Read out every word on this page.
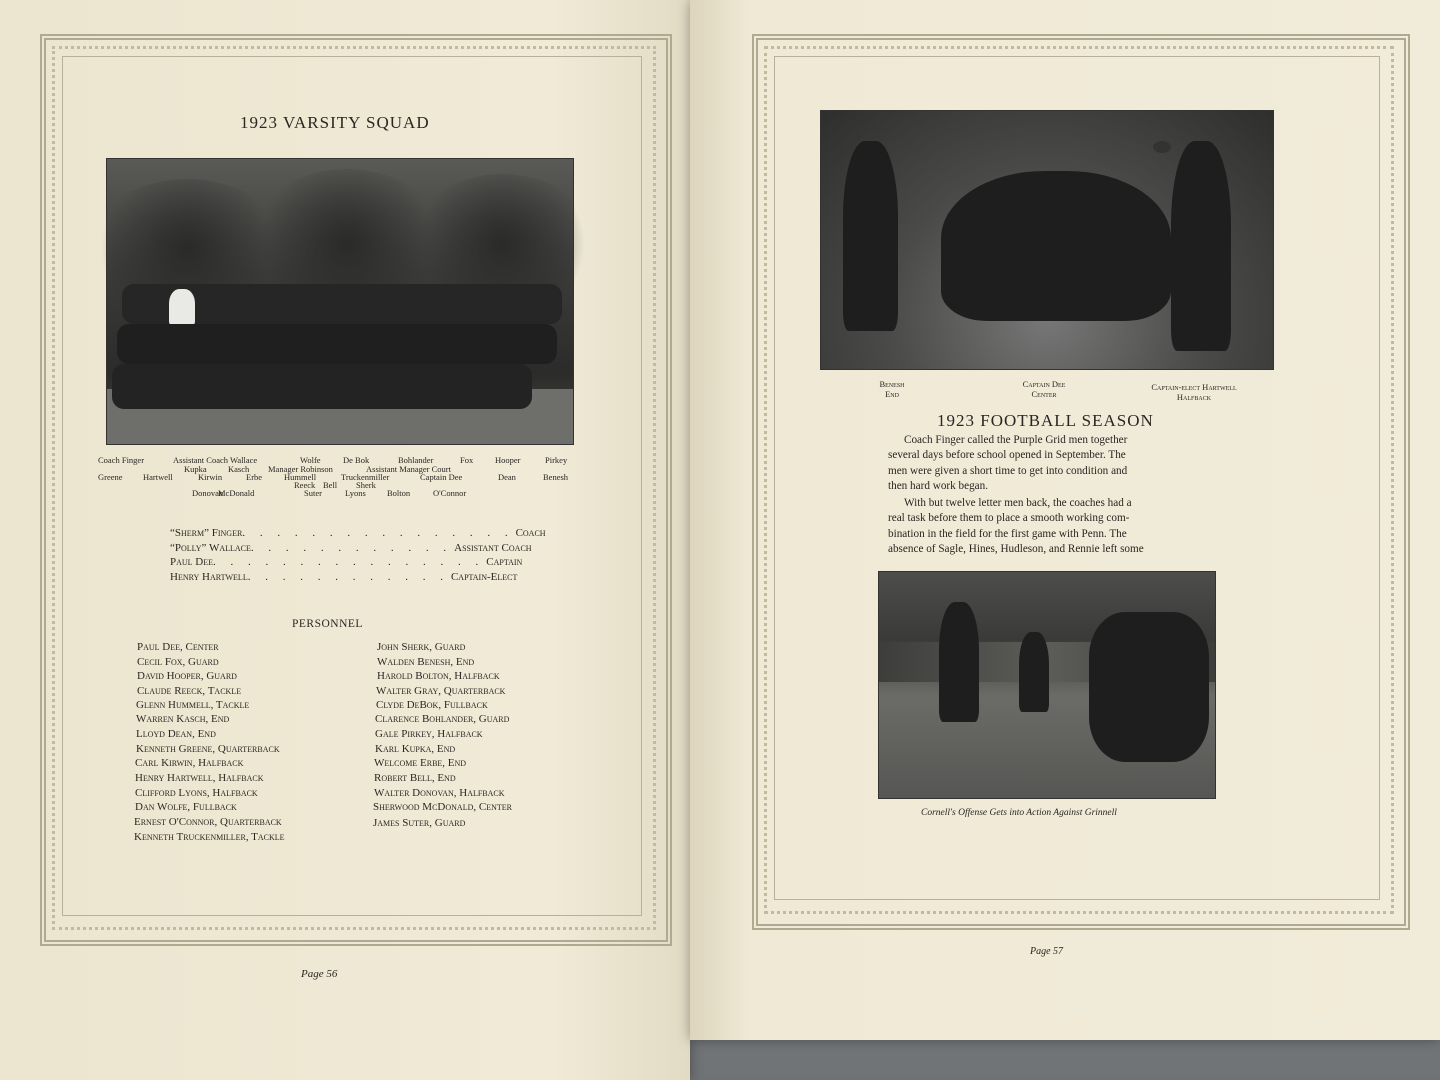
1923 VARSITY SQUAD
Coach Finger	Assistant Coach Wallace	Wolfe	De Bok	Bohlander	Fox	Hooper	Pirkey
Kupka	Kasch Manager Robinson	Assistant Manager Court
Greene Hartwell	Kirwin	Erbe	Hummell	Truckenmiller	Captain Dee	Dean	Benesh
Reeck Bell Sherk
Donovan
McDonald	Suter	Lyons Bolton	O'Connor
“Sherm” Finger . . . . . . . . . . . . . . . . Coach
“Polly” Wallace . . . . . . . . . . . . Assistant Coach
Paul Dee . . . . . . . . . . . . . . . . Captain
Henry Hartwell . . . . . . . . . . . . Captain-Elect
PERSONNEL
Paul Dee, Center
Cecil Fox, Guard
David Hooper, Guard
Claude Reeck, Tackle
Glenn Hummell, Tackle
Warren Kasch, End
Lloyd Dean, End
Kenneth Greene, Quarterback
Carl Kirwin, Halfback
Henry Hartwell, Halfback
Clifford Lyons, Halfback
Dan Wolfe, Fullback
Ernest O'Connor, Quarterback
Kenneth Truckenmiller, Tackle
John Sherk, Guard
Walden Benesh, End
Harold Bolton, Halfback
Walter Gray, Quarterback
Clyde DeBok, Fullback
Clarence Bohlander, Guard
Gale Pirkey, Halfback
Karl Kupka, End
Welcome Erbe, End
Robert Bell, End
Walter Donovan, Halfback
Sherwood McDonald, Center
James Suter, Guard
Page 56
Benesh
End
Captain Dee
Center
Captain-elect Hartwell
Halfback
1923 FOOTBALL SEASON
Coach Finger called the Purple Grid men together
several days before school opened in September. The
men were given a short time to get into condition and
then hard work began.
With but twelve letter men back, the coaches had a
real task before them to place a smooth working com-
bination in the field for the first game with Penn. The
absence of Sagle, Hines, Hudleson, and Rennie left some
Cornell's Offense Gets into Action Against Grinnell
Page 57
